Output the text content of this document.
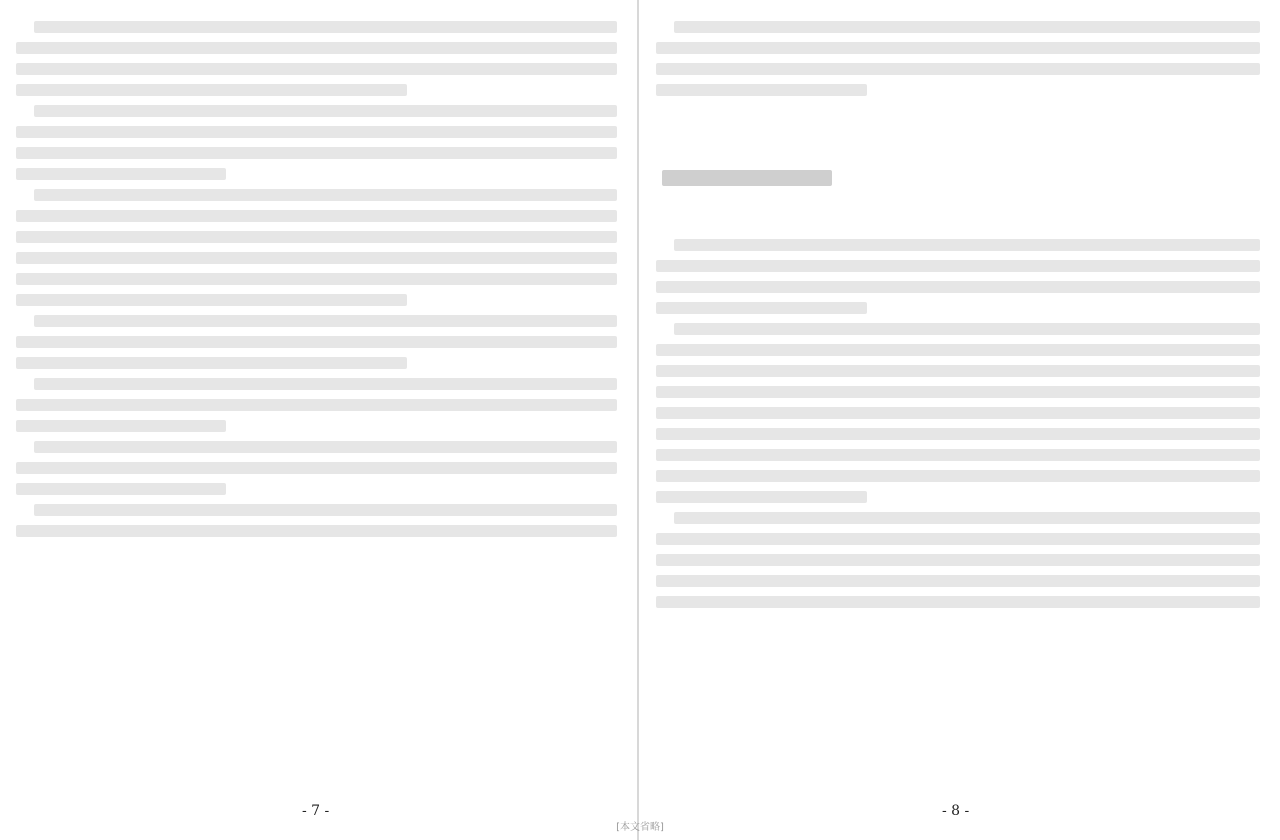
- 7 -	- 8 -
[本文省略]
